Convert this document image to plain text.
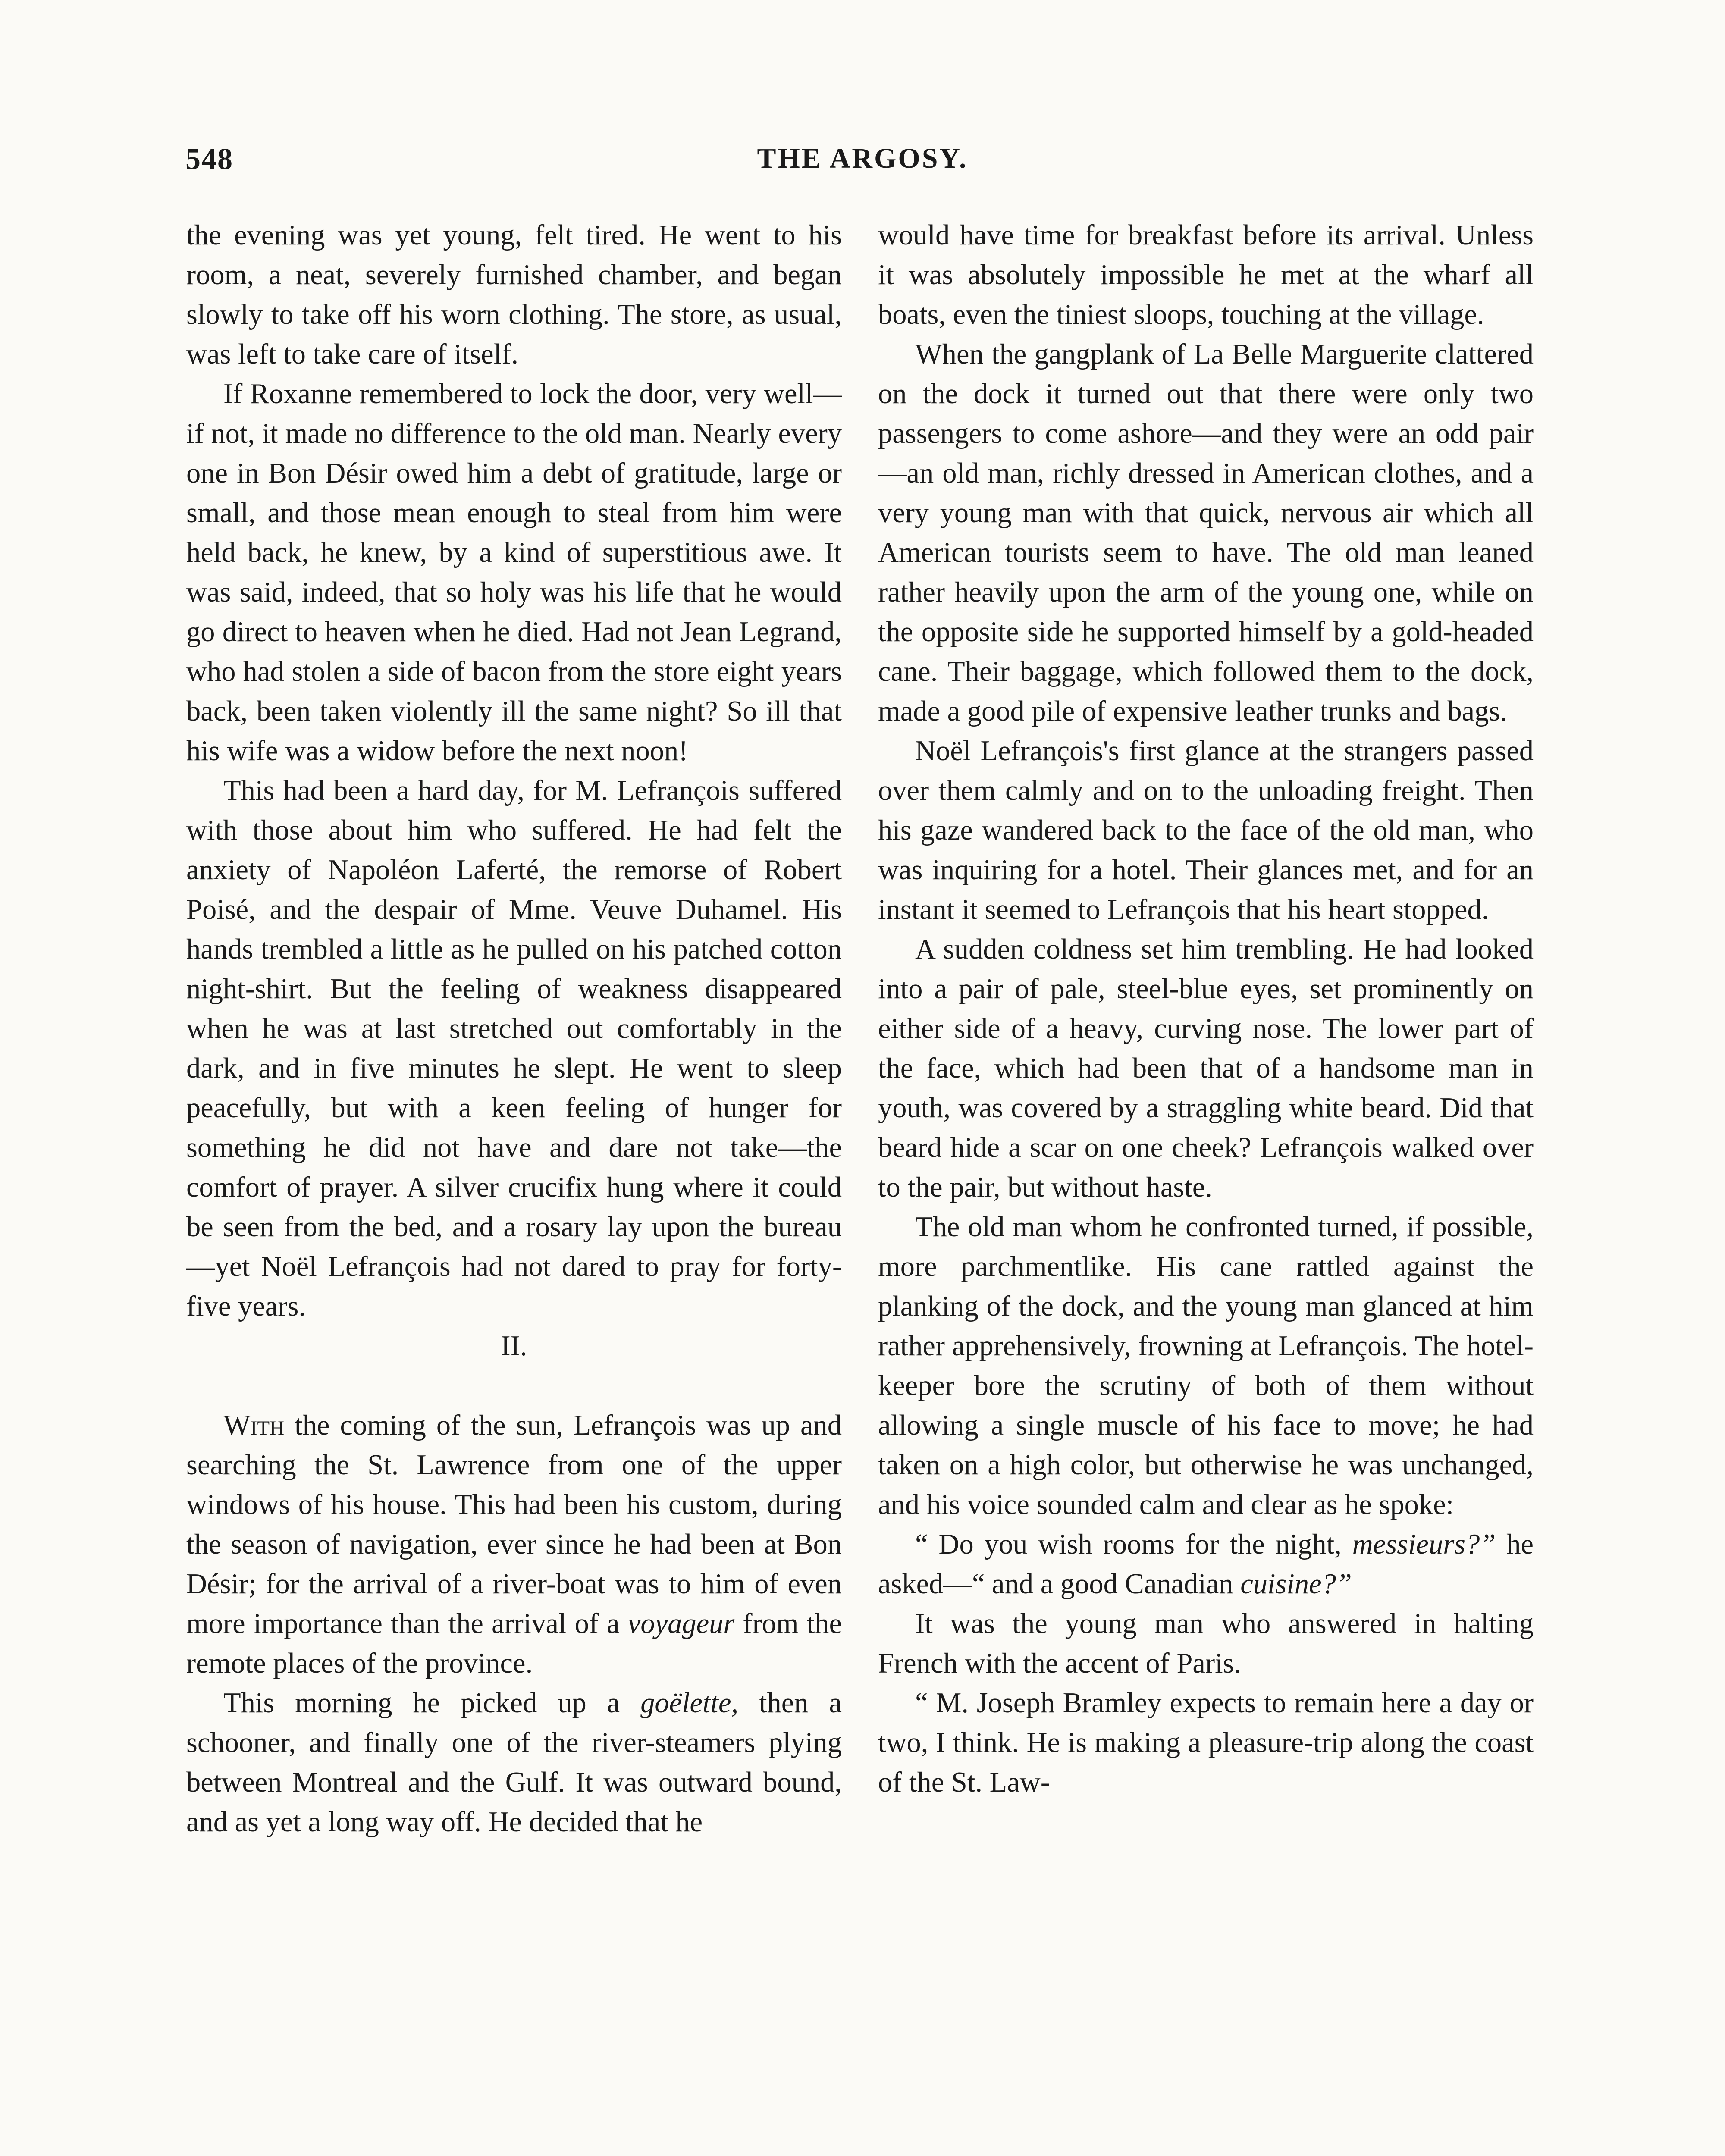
548	THE ARGOSY.

the evening was yet young, felt tired. He went to his room, a neat, severely furnished chamber, and began slowly to take off his worn clothing. The store, as usual, was left to take care of itself.

If Roxanne remembered to lock the door, very well—if not, it made no difference to the old man. Nearly every one in Bon Désir owed him a debt of gratitude, large or small, and those mean enough to steal from him were held back, he knew, by a kind of superstitious awe. It was said, indeed, that so holy was his life that he would go direct to heaven when he died. Had not Jean Legrand, who had stolen a side of bacon from the store eight years back, been taken violently ill the same night? So ill that his wife was a widow before the next noon!

This had been a hard day, for M. Lefrançois suffered with those about him who suffered. He had felt the anxiety of Napoléon Laferté, the remorse of Robert Poisé, and the despair of Mme. Veuve Duhamel. His hands trembled a little as he pulled on his patched cotton night-shirt. But the feeling of weakness disappeared when he was at last stretched out comfortably in the dark, and in five minutes he slept. He went to sleep peacefully, but with a keen feeling of hunger for something he did not have and dare not take—the comfort of prayer. A silver crucifix hung where it could be seen from the bed, and a rosary lay upon the bureau—yet Noël Lefrançois had not dared to pray for forty-five years.

II.

With the coming of the sun, Lefrançois was up and searching the St. Lawrence from one of the upper windows of his house. This had been his custom, during the season of navigation, ever since he had been at Bon Désir; for the arrival of a river-boat was to him of even more importance than the arrival of a voyageur from the remote places of the province.

This morning he picked up a goëlette, then a schooner, and finally one of the river-steamers plying between Montreal and the Gulf. It was outward bound, and as yet a long way off. He decided that he

would have time for breakfast before its arrival. Unless it was absolutely impossible he met at the wharf all boats, even the tiniest sloops, touching at the village.

When the gangplank of La Belle Marguerite clattered on the dock it turned out that there were only two passengers to come ashore—and they were an odd pair—an old man, richly dressed in American clothes, and a very young man with that quick, nervous air which all American tourists seem to have. The old man leaned rather heavily upon the arm of the young one, while on the opposite side he supported himself by a gold-headed cane. Their baggage, which followed them to the dock, made a good pile of expensive leather trunks and bags.

Noël Lefrançois's first glance at the strangers passed over them calmly and on to the unloading freight. Then his gaze wandered back to the face of the old man, who was inquiring for a hotel. Their glances met, and for an instant it seemed to Lefrançois that his heart stopped.

A sudden coldness set him trembling. He had looked into a pair of pale, steel-blue eyes, set prominently on either side of a heavy, curving nose. The lower part of the face, which had been that of a handsome man in youth, was covered by a straggling white beard. Did that beard hide a scar on one cheek? Lefrançois walked over to the pair, but without haste.

The old man whom he confronted turned, if possible, more parchmentlike. His cane rattled against the planking of the dock, and the young man glanced at him rather apprehensively, frowning at Lefrançois. The hotel-keeper bore the scrutiny of both of them without allowing a single muscle of his face to move; he had taken on a high color, but otherwise he was unchanged, and his voice sounded calm and clear as he spoke:

“ Do you wish rooms for the night, messieurs?” he asked—“ and a good Canadian cuisine?”

It was the young man who answered in halting French with the accent of Paris.

“ M. Joseph Bramley expects to remain here a day or two, I think. He is making a pleasure-trip along the coast of the St. Law-
